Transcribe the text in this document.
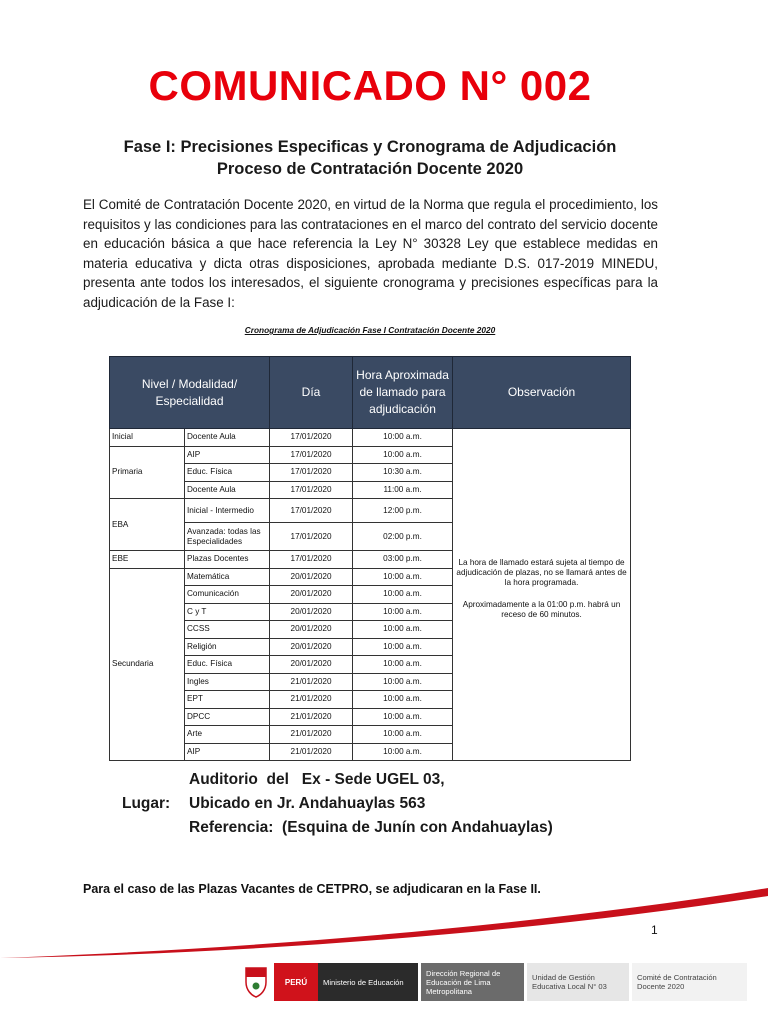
COMUNICADO N° 002
Fase I: Precisiones Especificas y Cronograma de Adjudicación
Proceso de Contratación Docente 2020
El Comité de Contratación Docente 2020, en virtud de la Norma que regula el procedimiento, los requisitos y las condiciones para las contrataciones en el marco del contrato del servicio docente en educación básica a que hace referencia la Ley N° 30328 Ley que establece medidas en materia educativa y dicta otras disposiciones, aprobada mediante D.S. 017-2019 MINEDU, presenta ante todos los interesados, el siguiente cronograma y precisiones específicas para la adjudicación de la Fase I:
Cronograma de Adjudicación Fase I Contratación Docente 2020
Nivel / Modalidad/ Especialidad		Día	Hora Aproximada de llamado para adjudicación	Observación
Inicial	Docente Aula	17/01/2020	10:00 a.m.	La hora de llamado estará sujeta al tiempo de adjudicación de plazas, no se llamará antes de la hora programada.

Aproximadamente a la 01:00 p.m. habrá un receso de 60 minutos.

Primaria	AIP	17/01/2020	10:00 a.m.	
	Educ. Física	17/01/2020	10:30 a.m.	
	Docente Aula	17/01/2020	11:00 a.m.	
EBA	Inicial - Intermedio	17/01/2020	12:00 p.m.	
	Avanzada: todas las Especialidades	17/01/2020	02:00 p.m.	
EBE	Plazas Docentes	17/01/2020	03:00 p.m.	
Secundaria	Matemática	20/01/2020	10:00 a.m.	
	Comunicación	20/01/2020	10:00 a.m.	
	C y T	20/01/2020	10:00 a.m.	
	CCSS	20/01/2020	10:00 a.m.	
	Religión	20/01/2020	10:00 a.m.	
	Educ. Física	20/01/2020	10:00 a.m.	
	Ingles	21/01/2020	10:00 a.m.	
	EPT	21/01/2020	10:00 a.m.	
	DPCC	21/01/2020	10:00 a.m.	
	Arte	21/01/2020	10:00 a.m.	
	AIP	21/01/2020	10:00 a.m.	
Lugar:
Auditorio  del   Ex - Sede UGEL 03,
Ubicado en Jr. Andahuaylas 563
Referencia:  (Esquina de Junín con Andahuaylas)
Para el caso de las Plazas Vacantes de CETPRO, se adjudicaran en la Fase II.
1
PERÚ	Ministerio de Educación
Dirección Regional de Educación de Lima Metropolitana
Unidad de Gestión Educativa Local N° 03
Comité de Contratación Docente 2020
